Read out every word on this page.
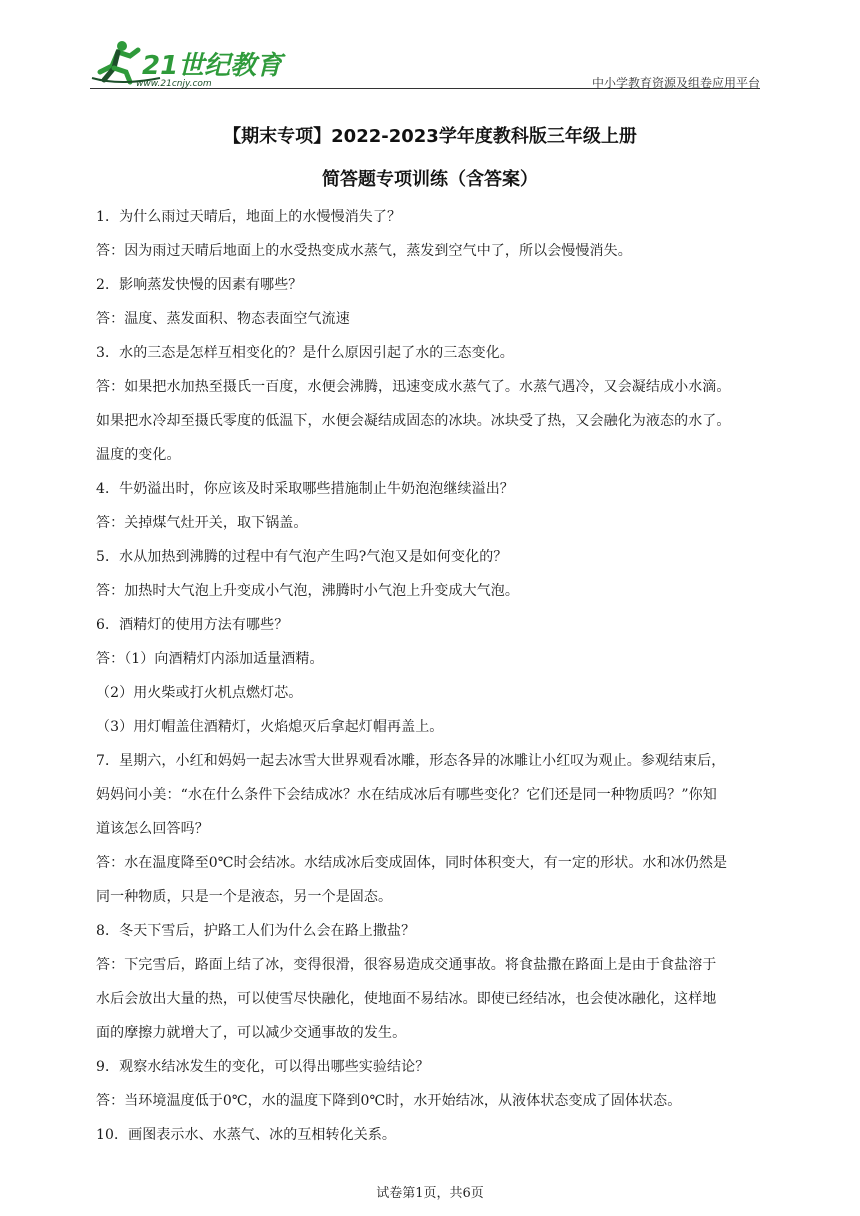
21世纪教育
www.21cnjy.com	中小学教育资源及组卷应用平台
【期末专项】2022-2023学年度教科版三年级上册
简答题专项训练（含答案）
1．为什么雨过天晴后，地面上的水慢慢消失了？
答：因为雨过天晴后地面上的水受热变成水蒸气，蒸发到空气中了，所以会慢慢消失。
2．影响蒸发快慢的因素有哪些？
答：温度、蒸发面积、物态表面空气流速
3．水的三态是怎样互相变化的？是什么原因引起了水的三态变化。
答：如果把水加热至摄氏一百度，水便会沸腾，迅速变成水蒸气了。水蒸气遇冷，又会凝结成小水滴。
如果把水冷却至摄氏零度的低温下，水便会凝结成固态的冰块。冰块受了热，又会融化为液态的水了。
温度的变化。
4．牛奶溢出时，你应该及时采取哪些措施制止牛奶泡泡继续溢出？
答：关掉煤气灶开关，取下锅盖。
5．水从加热到沸腾的过程中有气泡产生吗?气泡又是如何变化的？
答：加热时大气泡上升变成小气泡，沸腾时小气泡上升变成大气泡。
6．酒精灯的使用方法有哪些？
答：（1）向酒精灯内添加适量酒精。
（2）用火柴或打火机点燃灯芯。
（3）用灯帽盖住酒精灯，火焰熄灭后拿起灯帽再盖上。
7．星期六，小红和妈妈一起去冰雪大世界观看冰雕，形态各异的冰雕让小红叹为观止。参观结束后，
妈妈问小美：“水在什么条件下会结成冰？水在结成冰后有哪些变化？它们还是同一种物质吗？”你知
道该怎么回答吗？
答：水在温度降至0℃时会结冰。水结成冰后变成固体，同时体积变大，有一定的形状。水和冰仍然是
同一种物质，只是一个是液态，另一个是固态。
8．冬天下雪后，护路工人们为什么会在路上撒盐？
答：下完雪后，路面上结了冰，变得很滑，很容易造成交通事故。将食盐撒在路面上是由于食盐溶于
水后会放出大量的热，可以使雪尽快融化，使地面不易结冰。即使已经结冰，也会使冰融化，这样地
面的摩擦力就增大了，可以减少交通事故的发生。
9．观察水结冰发生的变化，可以得出哪些实验结论？
答：当环境温度低于0℃，水的温度下降到0℃时，水开始结冰，从液体状态变成了固体状态。
10．画图表示水、水蒸气、冰的互相转化关系。
试卷第1页，共6页
